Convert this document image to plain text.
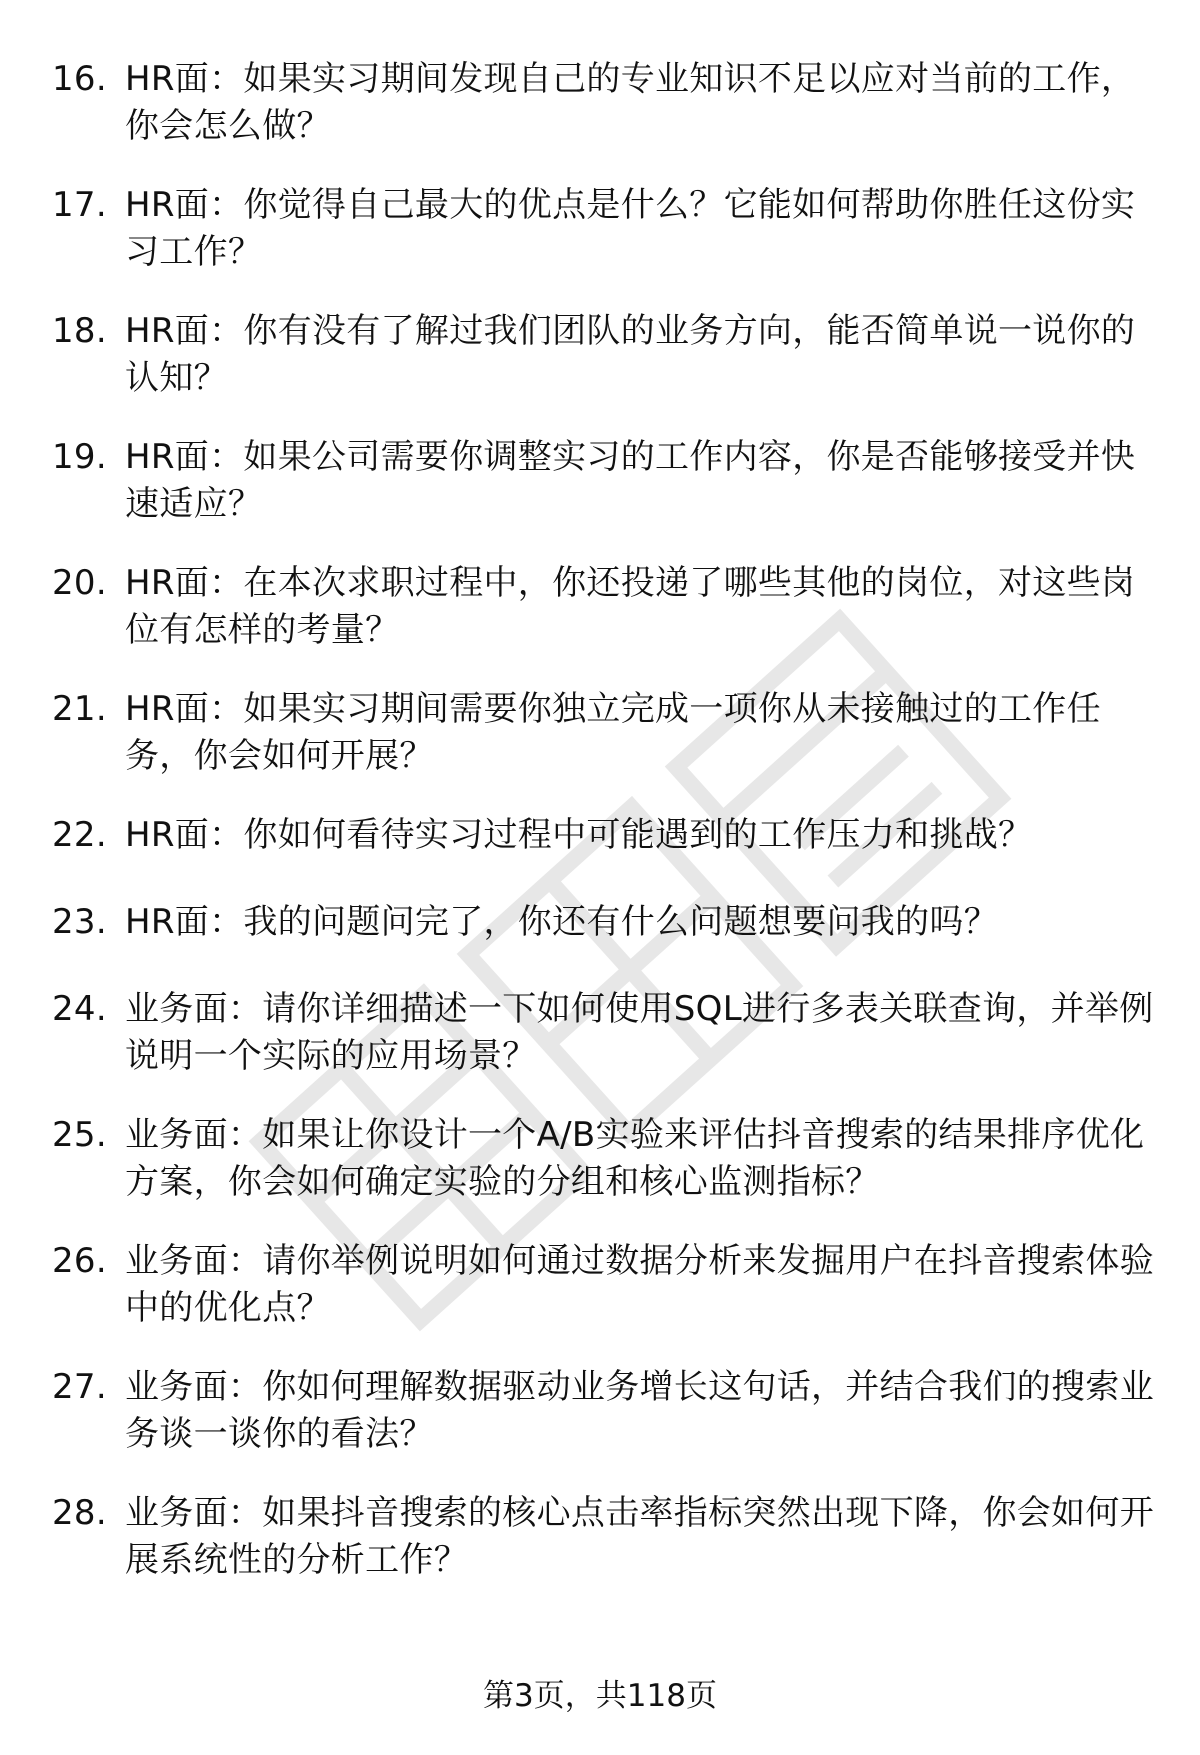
16. HR面：如果实习期间发现自己的专业知识不足以应对当前的工作，你会怎么做？
17. HR面：你觉得自己最大的优点是什么？它能如何帮助你胜任这份实习工作？
18. HR面：你有没有了解过我们团队的业务方向，能否简单说一说你的认知？
19. HR面：如果公司需要你调整实习的工作内容，你是否能够接受并快速适应？
20. HR面：在本次求职过程中，你还投递了哪些其他的岗位，对这些岗位有怎样的考量？
21. HR面：如果实习期间需要你独立完成一项你从未接触过的工作任务，你会如何开展？
22. HR面：你如何看待实习过程中可能遇到的工作压力和挑战？
23. HR面：我的问题问完了，你还有什么问题想要问我的吗？
24. 业务面：请你详细描述一下如何使用SQL进行多表关联查询，并举例说明一个实际的应用场景？
25. 业务面：如果让你设计一个A/B实验来评估抖音搜索的结果排序优化方案，你会如何确定实验的分组和核心监测指标？
26. 业务面：请你举例说明如何通过数据分析来发掘用户在抖音搜索体验中的优化点？
27. 业务面：你如何理解数据驱动业务增长这句话，并结合我们的搜索业务谈一谈你的看法？
28. 业务面：如果抖音搜索的核心点击率指标突然出现下降，你会如何开展系统性的分析工作？
第3页，共118页
